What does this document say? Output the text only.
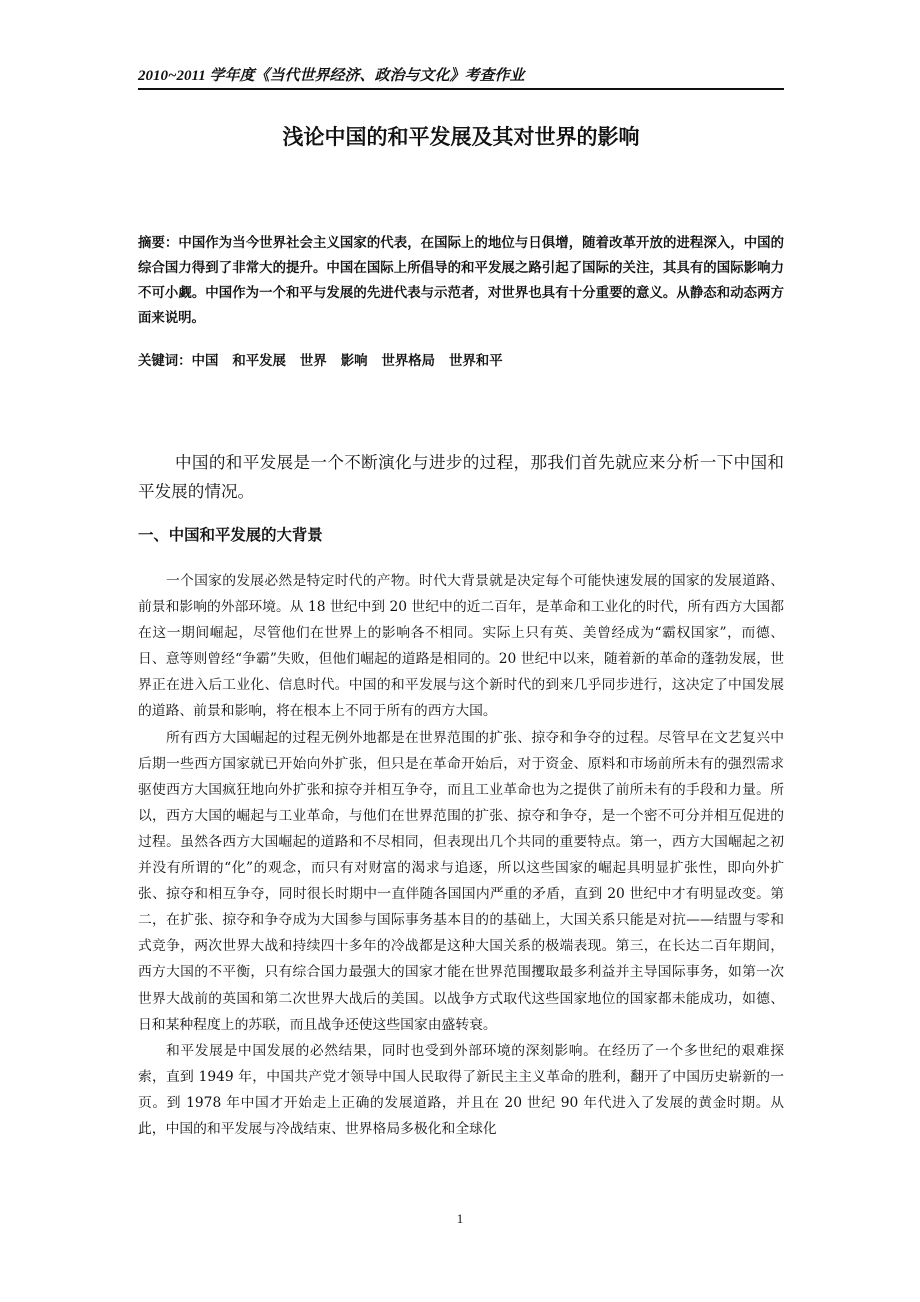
2010~2011 学年度《当代世界经济、政治与文化》考查作业
浅论中国的和平发展及其对世界的影响
摘要：中国作为当今世界社会主义国家的代表，在国际上的地位与日俱增，随着改革开放的进程深入，中国的综合国力得到了非常大的提升。中国在国际上所倡导的和平发展之路引起了国际的关注，其具有的国际影响力不可小觑。中国作为一个和平与发展的先进代表与示范者，对世界也具有十分重要的意义。从静态和动态两方面来说明。
关键词：中国 和平发展 世界 影响 世界格局 世界和平
中国的和平发展是一个不断演化与进步的过程，那我们首先就应来分析一下中国和平发展的情况。
一、中国和平发展的大背景

一个国家的发展必然是特定时代的产物。时代大背景就是决定每个可能快速发展的国家的发展道路、前景和影响的外部环境。从 18 世纪中到 20 世纪中的近二百年，是革命和工业化的时代，所有西方大国都在这一期间崛起，尽管他们在世界上的影响各不相同。实际上只有英、美曾经成为“霸权国家”，而德、日、意等则曾经“争霸”失败，但他们崛起的道路是相同的。20 世纪中以来，随着新的革命的蓬勃发展，世界正在进入后工业化、信息时代。中国的和平发展与这个新时代的到来几乎同步进行，这决定了中国发展的道路、前景和影响，将在根本上不同于所有的西方大国。

所有西方大国崛起的过程无例外地都是在世界范围的扩张、掠夺和争夺的过程。尽管早在文艺复兴中后期一些西方国家就已开始向外扩张，但只是在革命开始后，对于资金、原料和市场前所未有的强烈需求驱使西方大国疯狂地向外扩张和掠夺并相互争夺，而且工业革命也为之提供了前所未有的手段和力量。所以，西方大国的崛起与工业革命，与他们在世界范围的扩张、掠夺和争夺，是一个密不可分并相互促进的过程。虽然各西方大国崛起的道路和不尽相同，但表现出几个共同的重要特点。第一，西方大国崛起之初并没有所谓的“化”的观念，而只有对财富的渴求与追逐，所以这些国家的崛起具明显扩张性，即向外扩张、掠夺和相互争夺，同时很长时期中一直伴随各国国内严重的矛盾，直到 20 世纪中才有明显改变。第二，在扩张、掠夺和争夺成为大国参与国际事务基本目的的基础上，大国关系只能是对抗——结盟与零和式竞争，两次世界大战和持续四十多年的冷战都是这种大国关系的极端表现。第三，在长达二百年期间，西方大国的不平衡，只有综合国力最强大的国家才能在世界范围攫取最多利益并主导国际事务，如第一次世界大战前的英国和第二次世界大战后的美国。以战争方式取代这些国家地位的国家都未能成功，如德、日和某种程度上的苏联，而且战争还使这些国家由盛转衰。

和平发展是中国发展的必然结果，同时也受到外部环境的深刻影响。在经历了一个多世纪的艰难探索，直到 1949 年，中国共产党才领导中国人民取得了新民主主义革命的胜利，翻开了中国历史崭新的一页。到 1978 年中国才开始走上正确的发展道路，并且在 20 世纪 90 年代进入了发展的黄金时期。从此，中国的和平发展与冷战结束、世界格局多极化和全球化

1
